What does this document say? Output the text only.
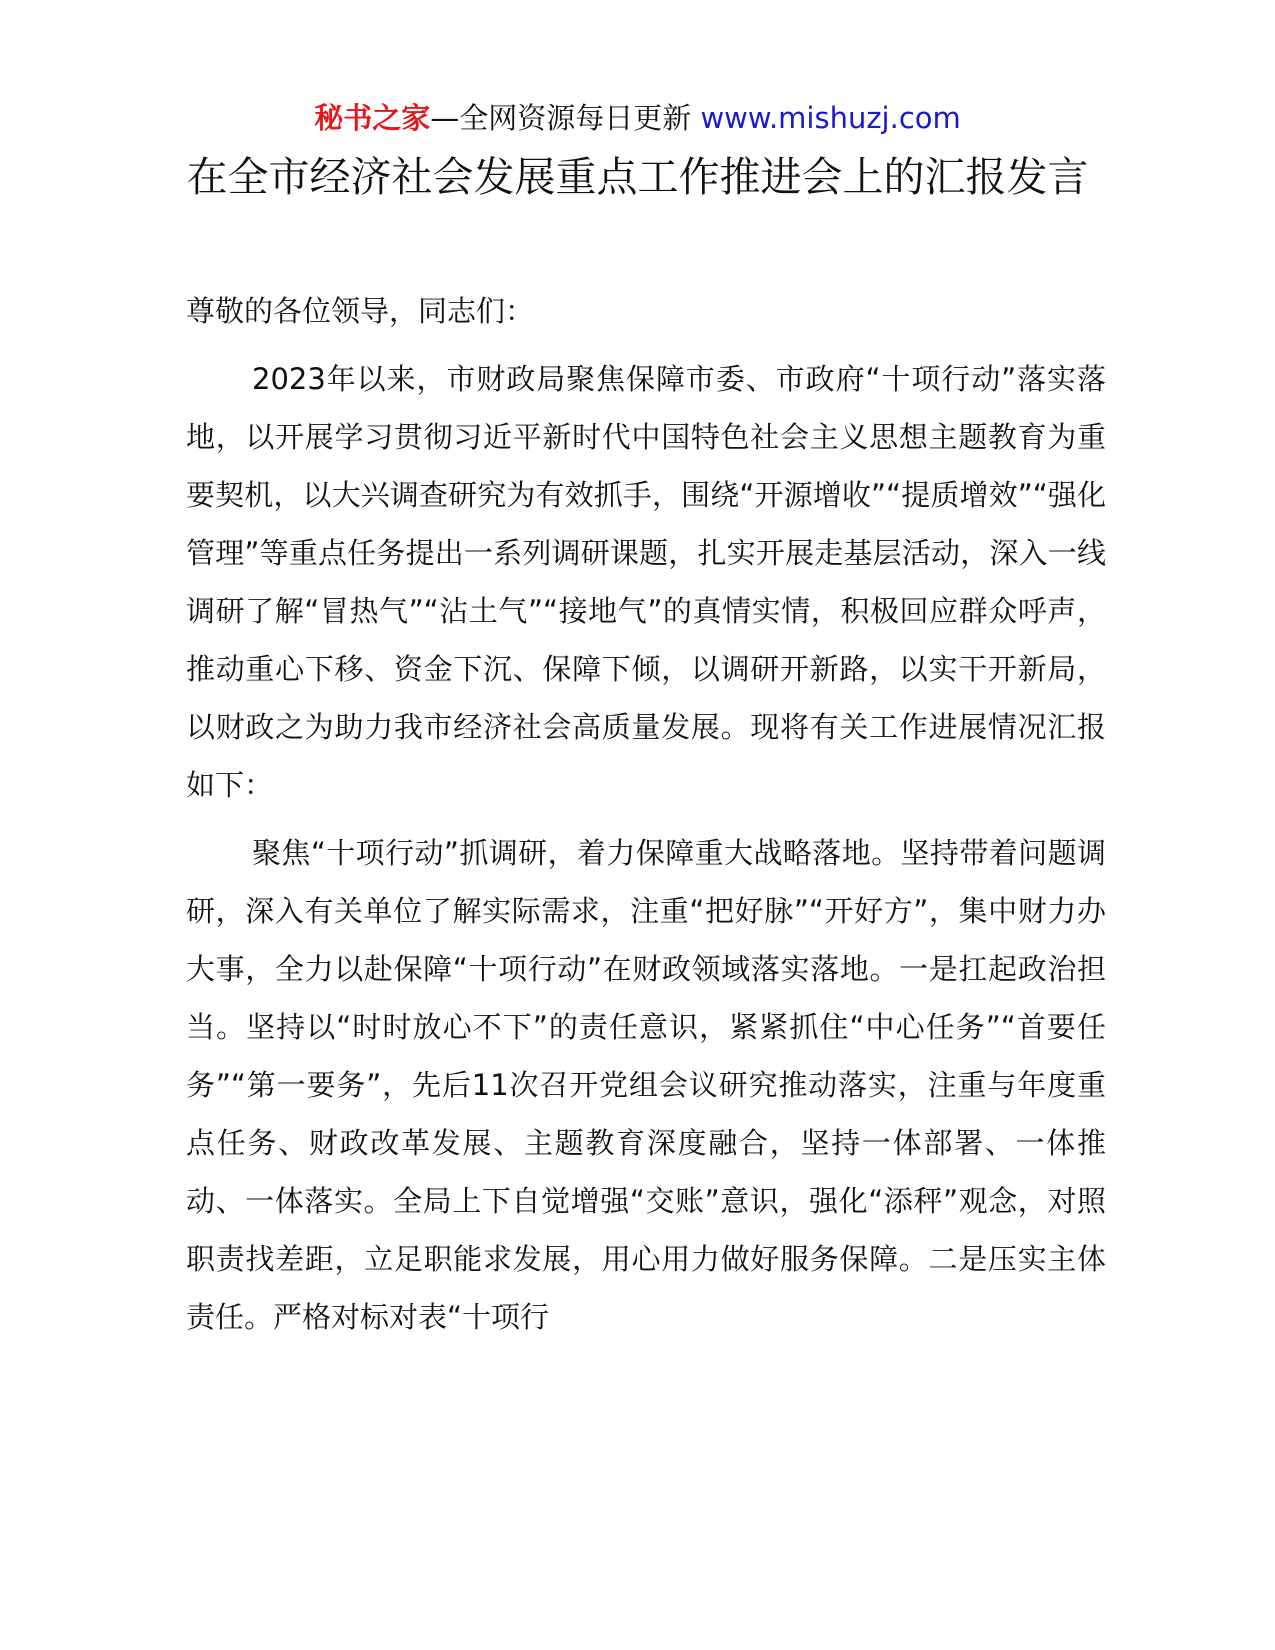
秘书之家—全网资源每日更新 www.mishuzj.com
在全市经济社会发展重点工作推进会上的汇报发言

尊敬的各位领导，同志们：

2023年以来，市财政局聚焦保障市委、市政府“十项行动”落实落地，以开展学习贯彻习近平新时代中国特色社会主义思想主题教育为重要契机，以大兴调查研究为有效抓手，围绕“开源增收”“提质增效”“强化管理”等重点任务提出一系列调研课题，扎实开展走基层活动，深入一线调研了解“冒热气”“沾土气”“接地气”的真情实情，积极回应群众呼声，推动重心下移、资金下沉、保障下倾，以调研开新路，以实干开新局，以财政之为助力我市经济社会高质量发展。现将有关工作进展情况汇报如下：

聚焦“十项行动”抓调研，着力保障重大战略落地。坚持带着问题调研，深入有关单位了解实际需求，注重“把好脉”“开好方”，集中财力办大事，全力以赴保障“十项行动”在财政领域落实落地。一是扛起政治担当。坚持以“时时放心不下”的责任意识，紧紧抓住“中心任务”“首要任务”“第一要务”，先后11次召开党组会议研究推动落实，注重与年度重点任务、财政改革发展、主题教育深度融合，坚持一体部署、一体推动、一体落实。全局上下自觉增强“交账”意识，强化“添秤”观念，对照职责找差距，立足职能求发展，用心用力做好服务保障。二是压实主体责任。严格对标对表“十项行
